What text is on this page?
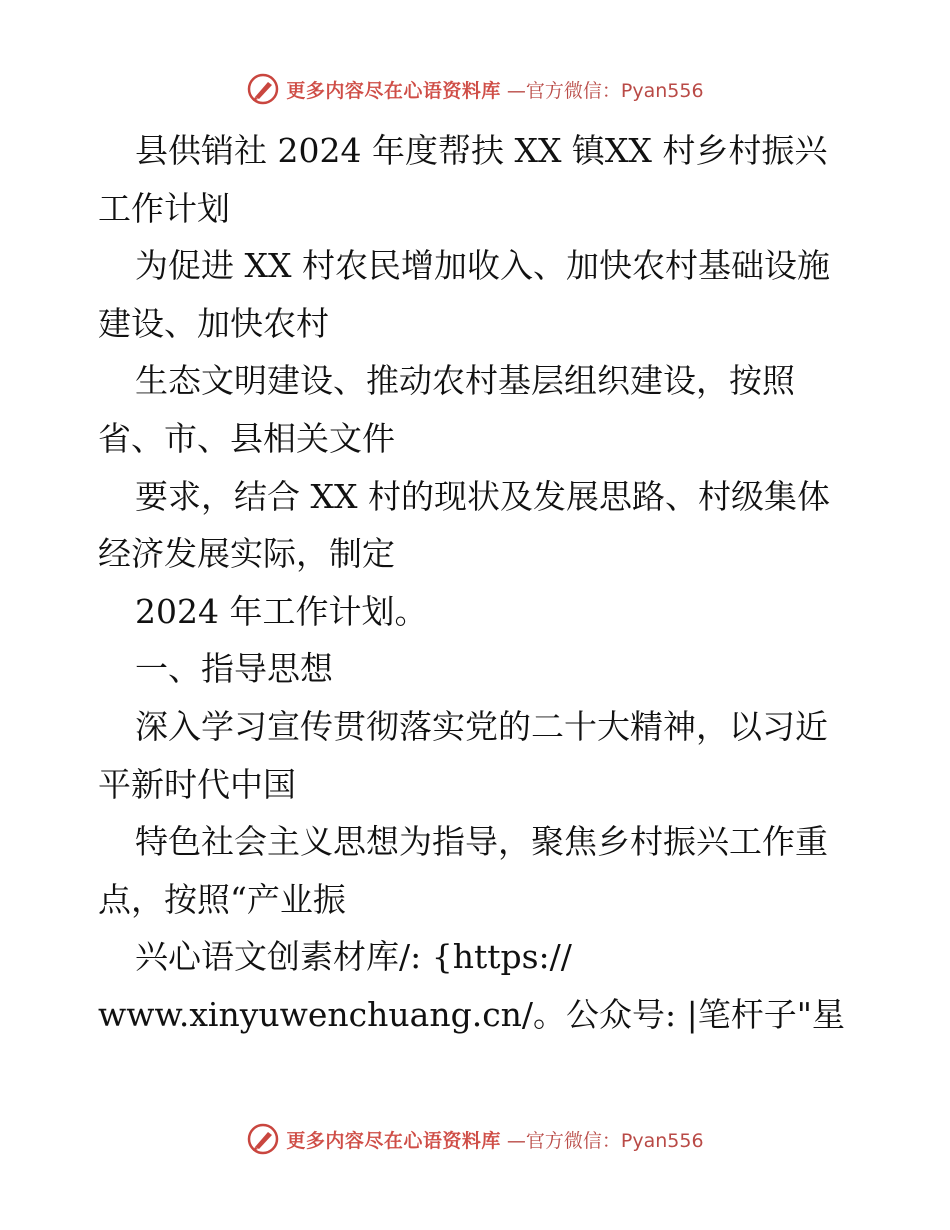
更多内容尽在心语资料库 —官方微信：Pyan556
县供销社 2024 年度帮扶 XX 镇XX 村乡村振兴
工作计划
为促进 XX 村农民增加收入、加快农村基础设施
建设、加快农村
生态文明建设、推动农村基层组织建设，按照
省、市、县相关文件
要求，结合 XX 村的现状及发展思路、村级集体
经济发展实际，制定
2024 年工作计划。
一、指导思想
深入学习宣传贯彻落实党的二十大精神，以习近
平新时代中国
特色社会主义思想为指导，聚焦乡村振兴工作重
点，按照“产业振
兴心语文创素材库/: {https://
www.xinyuwenchuang.cn/。公众号: |笔杆子"星
更多内容尽在心语资料库 —官方微信：Pyan556
